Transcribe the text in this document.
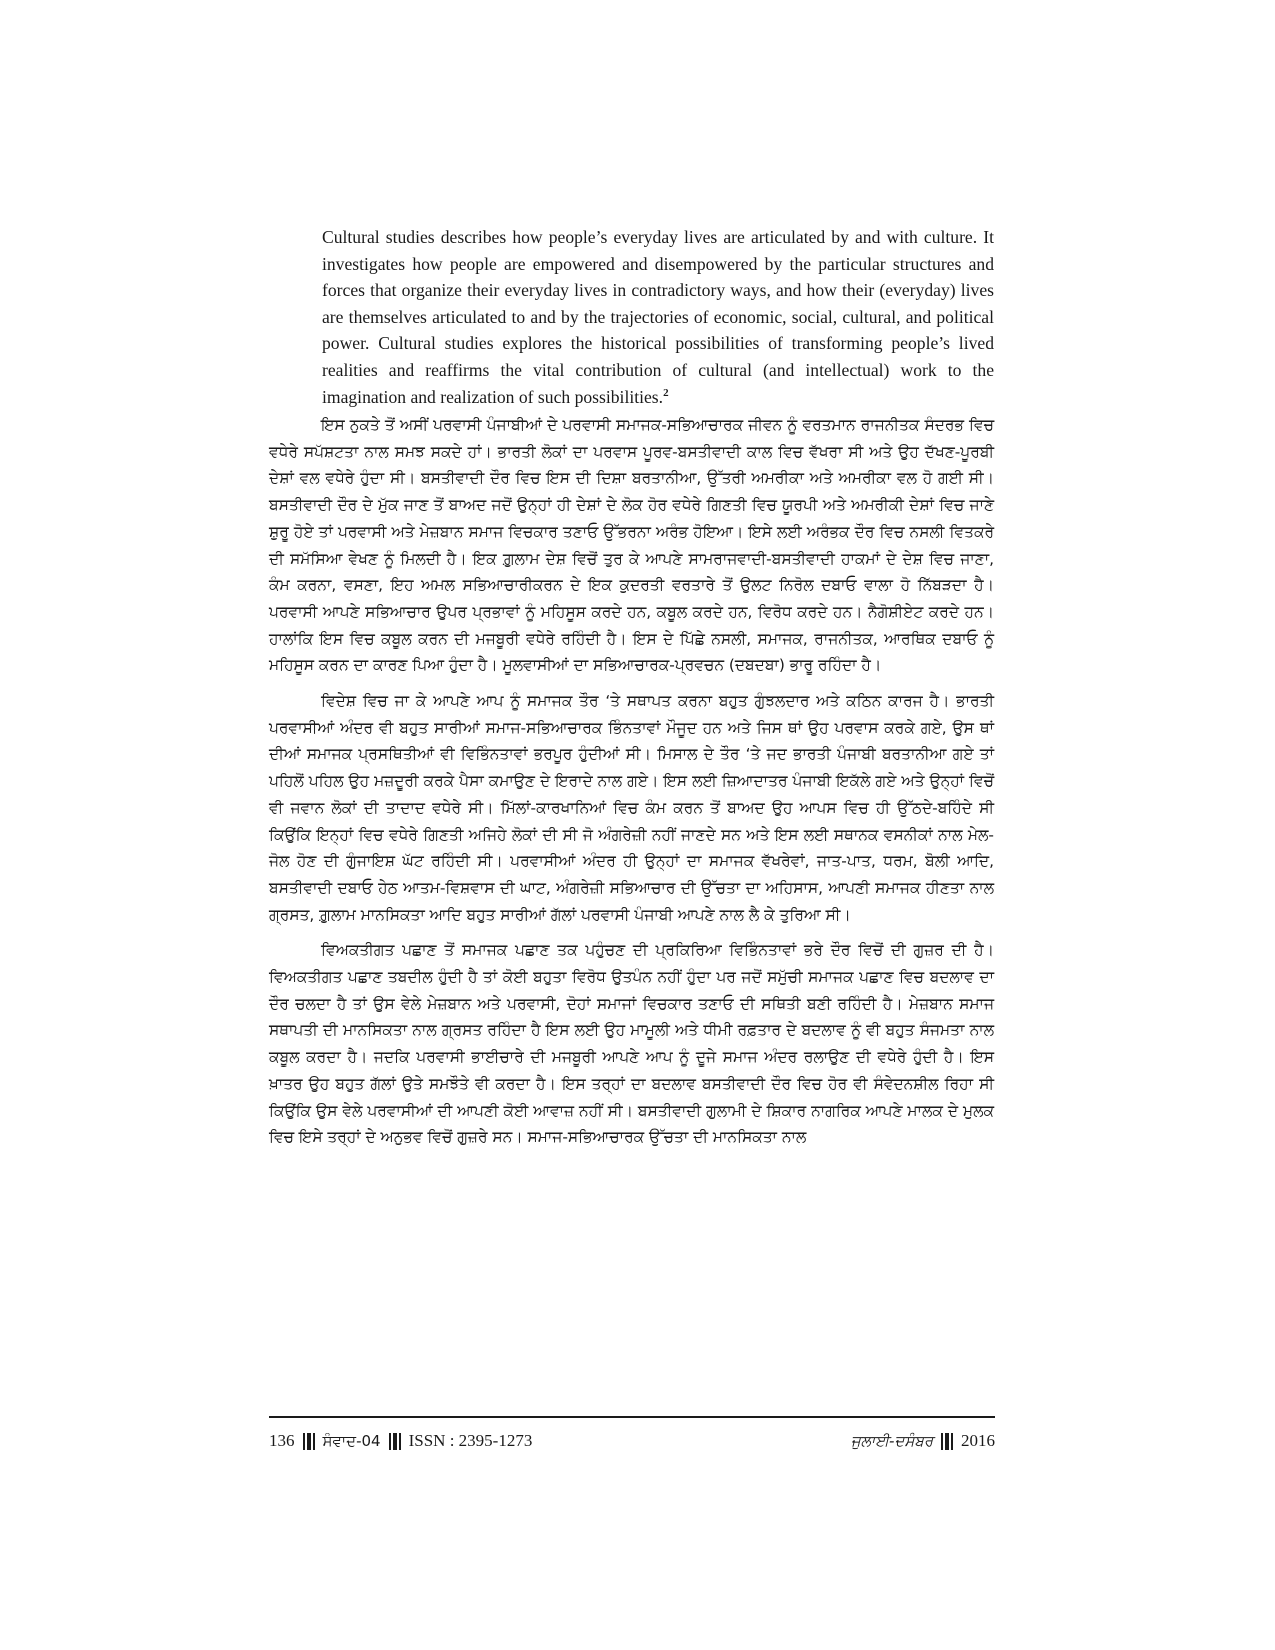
Cultural studies describes how people’s everyday lives are articulated by and with culture. It investigates how people are empowered and disempowered by the particular structures and forces that organize their everyday lives in contradictory ways, and how their (everyday) lives are themselves articulated to and by the trajectories of economic, social, cultural, and political power. Cultural studies explores the historical possibilities of transforming people’s lived realities and reaffirms the vital contribution of cultural (and intellectual) work to the imagination and realization of such possibilities.$^2$

ਇਸ ਨੁਕਤੇ ਤੋਂ ਅਸੀਂ ਪਰਵਾਸੀ ਪੰਜਾਬੀਆਂ ਦੇ ਪਰਵਾਸੀ ਸਮਾਜਕ-ਸਭਿਆਚਾਰਕ ਜੀਵਨ ਨੂੰ ਵਰਤਮਾਨ ਰਾਜਨੀਤਕ ਸੰਦਰਭ ਵਿਚ ਵਧੇਰੇ ਸਪੱਸ਼ਟਤਾ ਨਾਲ ਸਮਝ ਸਕਦੇ ਹਾਂ। ਭਾਰਤੀ ਲੋਕਾਂ ਦਾ ਪਰਵਾਸ ਪੂਰਵ-ਬਸਤੀਵਾਦੀ ਕਾਲ ਵਿਚ ਵੱਖਰਾ ਸੀ ਅਤੇ ਉਹ ਦੱਖਣ-ਪੂਰਬੀ ਦੇਸ਼ਾਂ ਵਲ ਵਧੇਰੇ ਹੁੰਦਾ ਸੀ। ਬਸਤੀਵਾਦੀ ਦੌਰ ਵਿਚ ਇਸ ਦੀ ਦਿਸ਼ਾ ਬਰਤਾਨੀਆ, ਉੱਤਰੀ ਅਮਰੀਕਾ ਅਤੇ ਅਮਰੀਕਾ ਵਲ ਹੋ ਗਈ ਸੀ। ਬਸਤੀਵਾਦੀ ਦੌਰ ਦੇ ਮੁੱਕ ਜਾਣ ਤੋਂ ਬਾਅਦ ਜਦੋਂ ਉਨ੍ਹਾਂ ਹੀ ਦੇਸ਼ਾਂ ਦੇ ਲੋਕ ਹੋਰ ਵਧੇਰੇ ਗਿਣਤੀ ਵਿਚ ਯੂਰਪੀ ਅਤੇ ਅਮਰੀਕੀ ਦੇਸ਼ਾਂ ਵਿਚ ਜਾਣੇ ਸ਼ੁਰੂ ਹੋਏ ਤਾਂ ਪਰਵਾਸੀ ਅਤੇ ਮੇਜ਼ਬਾਨ ਸਮਾਜ ਵਿਚਕਾਰ ਤਣਾਓ ਉੱਭਰਨਾ ਅਰੰਭ ਹੋਇਆ। ਇਸੇ ਲਈ ਅਰੰਭਕ ਦੌਰ ਵਿਚ ਨਸਲੀ ਵਿਤਕਰੇ ਦੀ ਸਮੱਸਿਆ ਵੇਖਣ ਨੂੰ ਮਿਲਦੀ ਹੈ। ਇਕ ਗ਼ੁਲਾਮ ਦੇਸ਼ ਵਿਚੋਂ ਤੁਰ ਕੇ ਆਪਣੇ ਸਾਮਰਾਜਵਾਦੀ-ਬਸਤੀਵਾਦੀ ਹਾਕਮਾਂ ਦੇ ਦੇਸ਼ ਵਿਚ ਜਾਣਾ, ਕੰਮ ਕਰਨਾ, ਵਸਣਾ, ਇਹ ਅਮਲ ਸਭਿਆਚਾਰੀਕਰਨ ਦੇ ਇਕ ਕੁਦਰਤੀ ਵਰਤਾਰੇ ਤੋਂ ਉਲਟ ਨਿਰੋਲ ਦਬਾਓ ਵਾਲਾ ਹੋ ਨਿੱਬੜਦਾ ਹੈ। ਪਰਵਾਸੀ ਆਪਣੇ ਸਭਿਆਚਾਰ ਉਪਰ ਪ੍ਰਭਾਵਾਂ ਨੂੰ ਮਹਿਸੂਸ ਕਰਦੇ ਹਨ, ਕਬੂਲ ਕਰਦੇ ਹਨ, ਵਿਰੋਧ ਕਰਦੇ ਹਨ। ਨੈਗੋਸ਼ੀਏਟ ਕਰਦੇ ਹਨ। ਹਾਲਾਂਕਿ ਇਸ ਵਿਚ ਕਬੂਲ ਕਰਨ ਦੀ ਮਜਬੂਰੀ ਵਧੇਰੇ ਰਹਿੰਦੀ ਹੈ। ਇਸ ਦੇ ਪਿੱਛੇ ਨਸਲੀ, ਸਮਾਜਕ, ਰਾਜਨੀਤਕ, ਆਰਥਿਕ ਦਬਾਓ ਨੂੰ ਮਹਿਸੂਸ ਕਰਨ ਦਾ ਕਾਰਣ ਪਿਆ ਹੁੰਦਾ ਹੈ। ਮੂਲਵਾਸੀਆਂ ਦਾ ਸਭਿਆਚਾਰਕ-ਪ੍ਰਵਚਨ (ਦਬਦਬਾ) ਭਾਰੂ ਰਹਿੰਦਾ ਹੈ।

ਵਿਦੇਸ਼ ਵਿਚ ਜਾ ਕੇ ਆਪਣੇ ਆਪ ਨੂੰ ਸਮਾਜਕ ਤੌਰ ‘ਤੇ ਸਥਾਪਤ ਕਰਨਾ ਬਹੁਤ ਗੁੰਝਲਦਾਰ ਅਤੇ ਕਠਿਨ ਕਾਰਜ ਹੈ। ਭਾਰਤੀ ਪਰਵਾਸੀਆਂ ਅੰਦਰ ਵੀ ਬਹੁਤ ਸਾਰੀਆਂ ਸਮਾਜ-ਸਭਿਆਚਾਰਕ ਭਿੰਨਤਾਵਾਂ ਮੌਜੂਦ ਹਨ ਅਤੇ ਜਿਸ ਥਾਂ ਉਹ ਪਰਵਾਸ ਕਰਕੇ ਗਏ, ਉਸ ਥਾਂ ਦੀਆਂ ਸਮਾਜਕ ਪ੍ਰਸਥਿਤੀਆਂ ਵੀ ਵਿਭਿੰਨਤਾਵਾਂ ਭਰਪੂਰ ਹੁੰਦੀਆਂ ਸੀ। ਮਿਸਾਲ ਦੇ ਤੌਰ ‘ਤੇ ਜਦ ਭਾਰਤੀ ਪੰਜਾਬੀ ਬਰਤਾਨੀਆ ਗਏ ਤਾਂ ਪਹਿਲੋਂ ਪਹਿਲ ਉਹ ਮਜ਼ਦੂਰੀ ਕਰਕੇ ਪੈਸਾ ਕਮਾਉਣ ਦੇ ਇਰਾਦੇ ਨਾਲ ਗਏ। ਇਸ ਲਈ ਜ਼ਿਆਦਾਤਰ ਪੰਜਾਬੀ ਇਕੱਲੇ ਗਏ ਅਤੇ ਉਨ੍ਹਾਂ ਵਿਚੋਂ ਵੀ ਜਵਾਨ ਲੋਕਾਂ ਦੀ ਤਾਦਾਦ ਵਧੇਰੇ ਸੀ। ਮਿੱਲਾਂ-ਕਾਰਖਾਨਿਆਂ ਵਿਚ ਕੰਮ ਕਰਨ ਤੋਂ ਬਾਅਦ ਉਹ ਆਪਸ ਵਿਚ ਹੀ ਉੱਠਦੇ-ਬਹਿੰਦੇ ਸੀ ਕਿਉਂਕਿ ਇਨ੍ਹਾਂ ਵਿਚ ਵਧੇਰੇ ਗਿਣਤੀ ਅਜਿਹੇ ਲੋਕਾਂ ਦੀ ਸੀ ਜੋ ਅੰਗਰੇਜ਼ੀ ਨਹੀਂ ਜਾਣਦੇ ਸਨ ਅਤੇ ਇਸ ਲਈ ਸਥਾਨਕ ਵਸਨੀਕਾਂ ਨਾਲ ਮੇਲ-ਜੋਲ ਹੋਣ ਦੀ ਗੁੰਜਾਇਸ਼ ਘੱਟ ਰਹਿੰਦੀ ਸੀ। ਪਰਵਾਸੀਆਂ ਅੰਦਰ ਹੀ ਉਨ੍ਹਾਂ ਦਾ ਸਮਾਜਕ ਵੱਖਰੇਵਾਂ, ਜਾਤ-ਪਾਤ, ਧਰਮ, ਬੋਲੀ ਆਦਿ, ਬਸਤੀਵਾਦੀ ਦਬਾਓ ਹੇਠ ਆਤਮ-ਵਿਸ਼ਵਾਸ ਦੀ ਘਾਟ, ਅੰਗਰੇਜ਼ੀ ਸਭਿਆਚਾਰ ਦੀ ਉੱਚਤਾ ਦਾ ਅਹਿਸਾਸ, ਆਪਣੀ ਸਮਾਜਕ ਹੀਣਤਾ ਨਾਲ ਗ੍ਰਸਤ, ਗ਼ੁਲਾਮ ਮਾਨਸਿਕਤਾ ਆਦਿ ਬਹੁਤ ਸਾਰੀਆਂ ਗੱਲਾਂ ਪਰਵਾਸੀ ਪੰਜਾਬੀ ਆਪਣੇ ਨਾਲ ਲੈ ਕੇ ਤੁਰਿਆ ਸੀ।

ਵਿਅਕਤੀਗਤ ਪਛਾਣ ਤੋਂ ਸਮਾਜਕ ਪਛਾਣ ਤਕ ਪਹੁੰਚਣ ਦੀ ਪ੍ਰਕਿਰਿਆ ਵਿਭਿੰਨਤਾਵਾਂ ਭਰੇ ਦੌਰ ਵਿਚੋਂ ਦੀ ਗੁਜ਼ਰ ਦੀ ਹੈ। ਵਿਅਕਤੀਗਤ ਪਛਾਣ ਤਬਦੀਲ ਹੁੰਦੀ ਹੈ ਤਾਂ ਕੋਈ ਬਹੁਤਾ ਵਿਰੋਧ ਉਤਪੰਨ ਨਹੀਂ ਹੁੰਦਾ ਪਰ ਜਦੋਂ ਸਮੁੱਚੀ ਸਮਾਜਕ ਪਛਾਣ ਵਿਚ ਬਦਲਾਵ ਦਾ ਦੌਰ ਚਲਦਾ ਹੈ ਤਾਂ ਉਸ ਵੇਲੇ ਮੇਜ਼ਬਾਨ ਅਤੇ ਪਰਵਾਸੀ, ਦੋਹਾਂ ਸਮਾਜਾਂ ਵਿਚਕਾਰ ਤਣਾਓ ਦੀ ਸਥਿਤੀ ਬਣੀ ਰਹਿੰਦੀ ਹੈ। ਮੇਜ਼ਬਾਨ ਸਮਾਜ ਸਥਾਪਤੀ ਦੀ ਮਾਨਸਿਕਤਾ ਨਾਲ ਗ੍ਰਸਤ ਰਹਿੰਦਾ ਹੈ ਇਸ ਲਈ ਉਹ ਮਾਮੂਲੀ ਅਤੇ ਧੀਮੀ ਰਫ਼ਤਾਰ ਦੇ ਬਦਲਾਵ ਨੂੰ ਵੀ ਬਹੁਤ ਸੰਜਮਤਾ ਨਾਲ ਕਬੂਲ ਕਰਦਾ ਹੈ। ਜਦਕਿ ਪਰਵਾਸੀ ਭਾਈਚਾਰੇ ਦੀ ਮਜਬੂਰੀ ਆਪਣੇ ਆਪ ਨੂੰ ਦੂਜੇ ਸਮਾਜ ਅੰਦਰ ਰਲਾਉਣ ਦੀ ਵਧੇਰੇ ਹੁੰਦੀ ਹੈ। ਇਸ ਖ਼ਾਤਰ ਉਹ ਬਹੁਤ ਗੱਲਾਂ ਉਤੇ ਸਮਝੌਤੇ ਵੀ ਕਰਦਾ ਹੈ। ਇਸ ਤਰ੍ਹਾਂ ਦਾ ਬਦਲਾਵ ਬਸਤੀਵਾਦੀ ਦੌਰ ਵਿਚ ਹੋਰ ਵੀ ਸੰਵੇਦਨਸ਼ੀਲ ਰਿਹਾ ਸੀ ਕਿਉਂਕਿ ਉਸ ਵੇਲੇ ਪਰਵਾਸੀਆਂ ਦੀ ਆਪਣੀ ਕੋਈ ਆਵਾਜ਼ ਨਹੀਂ ਸੀ। ਬਸਤੀਵਾਦੀ ਗੁਲਾਮੀ ਦੇ ਸ਼ਿਕਾਰ ਨਾਗਰਿਕ ਆਪਣੇ ਮਾਲਕ ਦੇ ਮੁਲਕ ਵਿਚ ਇਸੇ ਤਰ੍ਹਾਂ ਦੇ ਅਨੁਭਵ ਵਿਚੋਂ ਗੁਜ਼ਰੇ ਸਨ। ਸਮਾਜ-ਸਭਿਆਚਾਰਕ ਉੱਚਤਾ ਦੀ ਮਾਨਸਿਕਤਾ ਨਾਲ

136 ਸੰਵਾਦ-04 ISSN : 2395-1273	ਜੁਲਾਈ-ਦਸੰਬਰ 2016
